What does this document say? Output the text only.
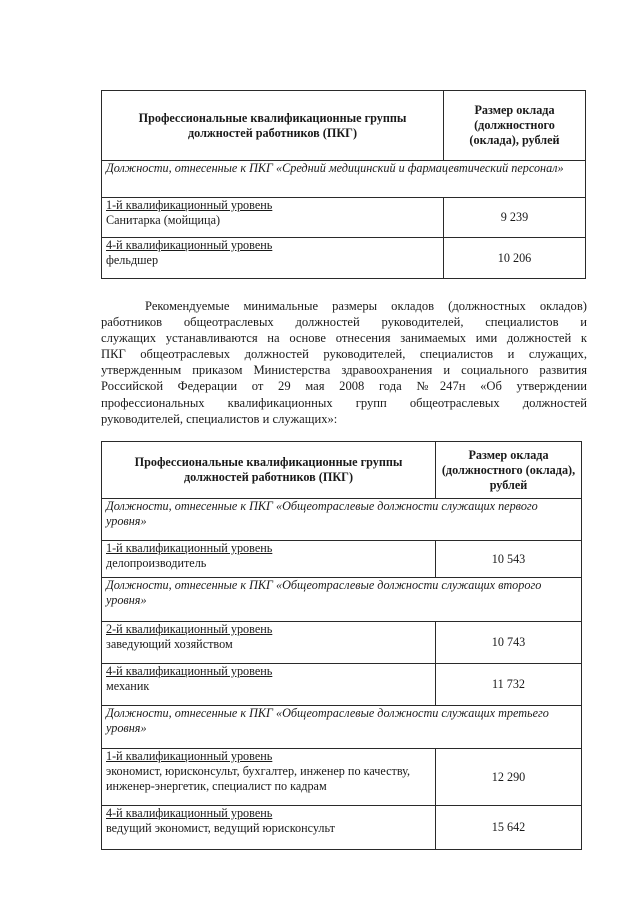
Профессиональные квалификационные группы должностей работников (ПКГ)	Размер оклада (должностного (оклада), рублей
Должности, отнесенные к ПКГ «Средний медицинский и фармацевтический персонал»	
1-й квалификационный уровень
Санитарка (мойщица)	9 239
4-й квалификационный уровень
фельдшер	10 206
Рекомендуемые минимальные размеры окладов (должностных окладов)
работников общеотраслевых должностей руководителей, специалистов и
служащих устанавливаются на основе отнесения занимаемых ими должностей к
ПКГ общеотраслевых должностей руководителей, специалистов и служащих,
утвержденным приказом Министерства здравоохранения и социального развития
Российской Федерации от 29 мая 2008 года №247н «Об утверждении
профессиональных квалификационных групп общеотраслевых должностей
руководителей, специалистов и служащих»:
Профессиональные квалификационные группы должностей работников (ПКГ)	Размер оклада (должностного (оклада), рублей
Должности, отнесенные к ПКГ «Общеотраслевые должности служащих первого уровня»	
1-й квалификационный уровень
делопроизводитель	10 543
Должности, отнесенные к ПКГ «Общеотраслевые должности служащих второго уровня»	
2-й квалификационный уровень
заведующий хозяйством	10 743
4-й квалификационный уровень
механик	11 732
Должности, отнесенные к ПКГ «Общеотраслевые должности служащих третьего уровня»	
1-й квалификационный уровень
экономист, юрисконсульт, бухгалтер, инженер по качеству, инженер-энергетик, специалист по кадрам	12 290
4-й квалификационный уровень
ведущий экономист, ведущий юрисконсульт	15 642
